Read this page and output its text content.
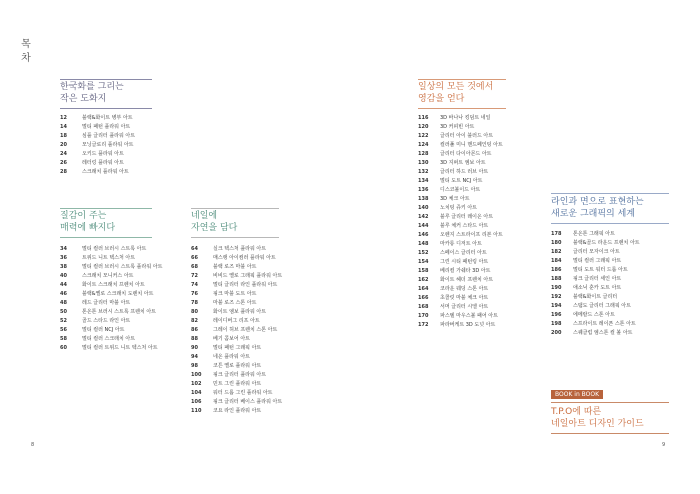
목
차
한국화를 그리는
작은 도화지
12	블랙&화이트 병부 아트
14	멀티 패턴 플라워 아트
18	심플 글리터 플라워 아트
20	모닝글로리 플라워 아트
24	오키드 플라워 아트
26	레터링 플라워 아트
28	스크래치 플라워 아트
질감이 주는
매력에 빠지다
34	멀티 컬러 브러시 스트록 아트
36	트위드 니트 텍스처 아트
38	멀티 컬러 브러시 스트록 플라워 아트
40	스크래치 모니커스 아트
44	화이트 스크래치 프렌치 아트
46	블랙&옐로 스크래치 도렌치 아트
48	레드 글리터 마블 아트
50	톤온톤 브러시 스트록 프렌치 아트
52	골드 스타드 라인 아트
56	멀티 컬러 NCJ 아트
58	멀티 컬러 스크래치 아트
60	멀티 컬러 트위드 니트 텍스처 아트
네일에
자연을 담다
64	실크 텍스처 플라워 아트
66	매스랭 아이컴러 플라워 아트
68	블랙 로즈 마블 아트
72	비비드 옐로 그래픽 플라워 아트
74	멀티 글리터 라인 플라워 아트
76	핑크 마블 도트 아트
78	마블 로즈 스톤 아트
80	화이트 엠보 플라워 아트
82	레이디버그 리프 아트
86	그레이 허브 프렌치 스톤 아트
88	베기 콤보어 아트
90	멀티 패턴 그래픽 아트
94	네온 플라워 아트
98	코튼 옐로 플라워 아트
100	핑크 글리터 플라워 아트
102	민트 그린 플라워 아트
104	워터 드롭 그린 플라워 아트
106	핑크 글리터 베이스 플라워 아트
110	코요 라인 플라워 아트
일상의 모든 것에서
영감을 얻다
116	3D 바나나 킹덤트 네일
120	3D 커피빈 아트
122	글리터 아이 블러드 아트
124	컬러풀 미니 핸드페인팅 아트
128	글리터 다이아몬드 아트
130	3D 지퍼트 엠보 아트
132	글리터 하드 러브 아트
134	멀티 도트 NCJ 아트
136	디스코볼이드 아트
138	3D 체크 아트
140	노치팅 쥬키 아트
142	블루 글리터 레이온 아트
144	블루 체커 스타드 아트
146	오렌지 스트라이프 리본 아트
148	마카롱 디저트 아트
152	스페이스 글리터 아트
154	그린 시티 패턴링 아트
158	베리컬 가쉐타 3D 아트
162	화이트 헤더 프렌치 아트
164	코라운 웨딩 스톤 아트
166	초콜릿 마블 체크 아트
168	서머 글리터 시엘 아트
170	파스텔 마우스볼 패어 아트
172	파라버케트 3D 도넛 아트
라인과 면으로 표현하는
새로운 그래픽의 세계
178	톤온톤 그래픽 아트
180	블랙&골드 라운드 프렌치 아트
182	글리터 모자이크 아트
184	멀티 컬러 그래픽 아트
186	멀티 도트 워터 드롭 아트
188	핑크 글리터 세인 아트
190	애소닉 훈카 도트 아트
192	블랙&화이트 글리터
194	스탬도 글리터 그래픽 아트
196	에메랄드 스톤 아트
198	스프라이트 레이픈 스톤 아트
200	스퀘클럽 엠스톤 컬 볼 아트
BOOK in BOOK
T.P.O에 따른
네일아트 디자인 가이드
8	9
